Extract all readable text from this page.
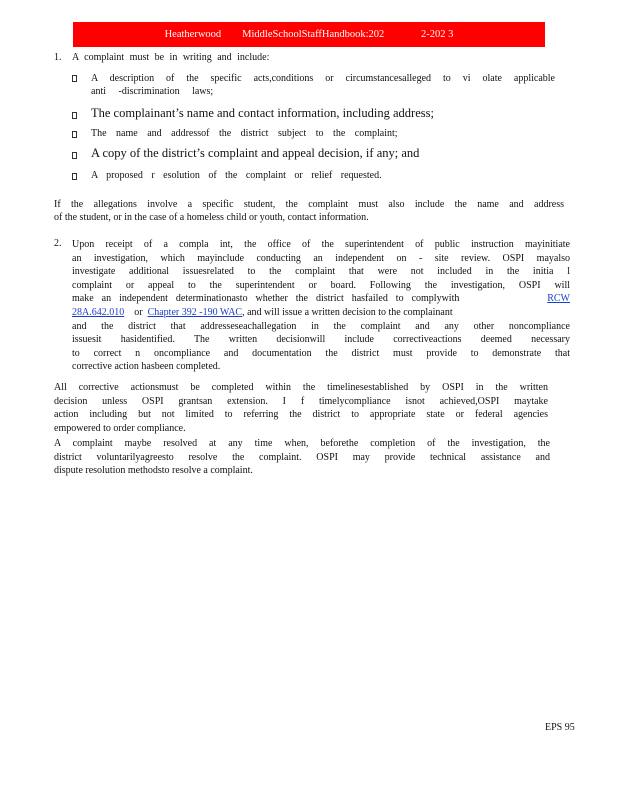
Heatherwood        MiddleSchoolStaffHandbook:202              2-202 3
1. A complaint must be in writing and include:
A description of the specific acts,conditions or circumstancesalleged to vi olate applicable
anti -discrimination laws;
The complainant’s name and contact information, including address;
The name and addressof the district subject to the complaint;
A copy of the district’s complaint and appeal decision, if any; and
A proposed r esolution of the complaint or relief requested.
If the allegations involve a specific student, the complaint must also include the name and address
of the student, or in the case of a homeless child or youth, contact information.
2. Upon receipt of a compla int, the office of the superintendent of public instruction mayinitiate
an investigation, which mayinclude conducting an independent on - site review. OSPI mayalso
investigate additional issuesrelated to the complaint that were not included in the initia l
complaint or appeal to the superintendent or board. Following the investigation, OSPI will
make an independent determinationasto whether the district hasfailed to complywith	RCW
28A.642.010 or Chapter 392 -190 WAC, and will issue a written decision to the complainant
and the district that addresseseachallegation in the complaint and any other noncompliance
issuesit hasidentified. The written decisionwill include correctiveactions deemed necessary
to correct n oncompliance and documentation the district must provide to demonstrate that
corrective action hasbeen completed.
All corrective actionsmust be completed within the timelinesestablished by OSPI in the written
decision unless OSPI grantsan extension. I f timelycompliance isnot achieved,OSPI maytake
action including but not limited to referring the district to appropriate state or federal agencies
empowered to order compliance.
A complaint maybe resolved at any time when, beforethe completion of the investigation, the
district voluntarilyagreesto resolve the complaint. OSPI may provide technical assistance and
dispute resolution methodsto resolve a complaint.
EPS 95
